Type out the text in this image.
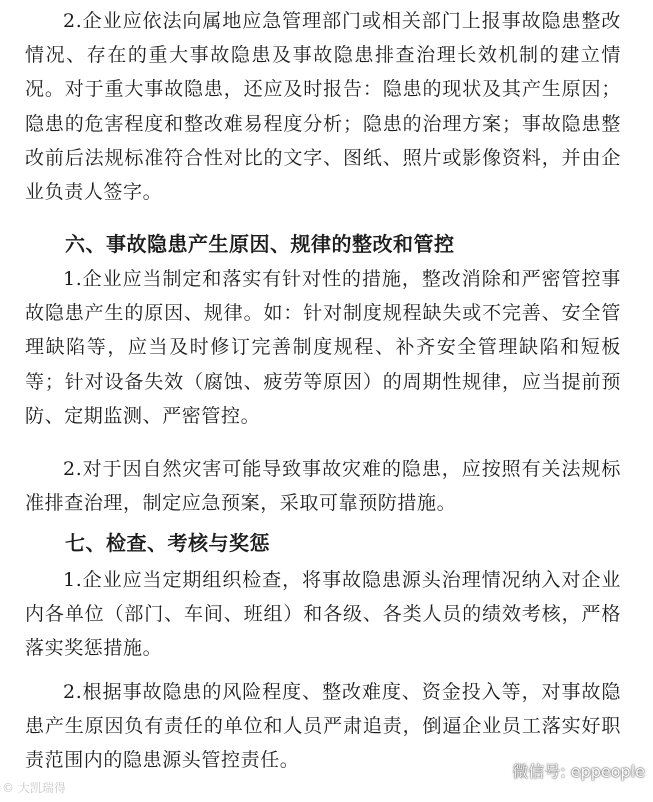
2.企业应依法向属地应急管理部门或相关部门上报事故隐患整改情况、存在的重大事故隐患及事故隐患排查治理长效机制的建立情况。对于重大事故隐患，还应及时报告：隐患的现状及其产生原因；隐患的危害程度和整改难易程度分析；隐患的治理方案；事故隐患整改前后法规标准符合性对比的文字、图纸、照片或影像资料，并由企业负责人签字。

六、事故隐患产生原因、规律的整改和管控

1.企业应当制定和落实有针对性的措施，整改消除和严密管控事故隐患产生的原因、规律。如：针对制度规程缺失或不完善、安全管理缺陷等，应当及时修订完善制度规程、补齐安全管理缺陷和短板等；针对设备失效（腐蚀、疲劳等原因）的周期性规律，应当提前预防、定期监测、严密管控。

2.对于因自然灾害可能导致事故灾难的隐患，应按照有关法规标准排查治理，制定应急预案，采取可靠预防措施。

七、检查、考核与奖惩

1.企业应当定期组织检查，将事故隐患源头治理情况纳入对企业内各单位（部门、车间、班组）和各级、各类人员的绩效考核，严格落实奖惩措施。

2.根据事故隐患的风险程度、整改难度、资金投入等，对事故隐患产生原因负有责任的单位和人员严肃追责，倒逼企业员工落实好职责范围内的隐患源头管控责任。

© 大凯瑞得
微信号: eppeople
